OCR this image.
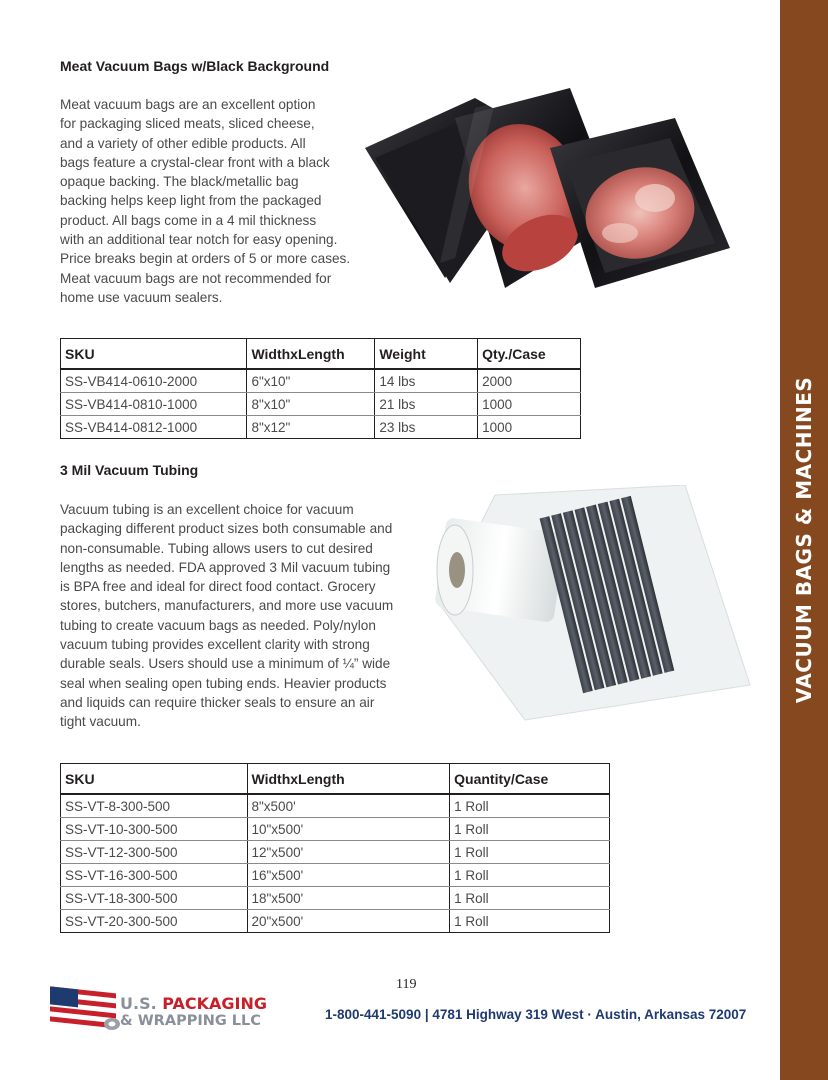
VACUUM BAGS & MACHINES
Meat Vacuum Bags w/Black Background

Meat vacuum bags are an excellent option
for packaging sliced meats, sliced cheese,
and a variety of other edible products. All
bags feature a crystal-clear front with a black
opaque backing. The black/metallic bag
backing helps keep light from the packaged
product. All bags come in a 4 mil thickness
with an additional tear notch for easy opening.
Price breaks begin at orders of 5 or more cases.
Meat vacuum bags are not recommended for
home use vacuum sealers.

SKU	WidthxLength	Weight	Qty./Case
SS-VB414-0610-2000	6"x10"	14 lbs	2000
SS-VB414-0810-1000	8"x10"	21 lbs	1000
SS-VB414-0812-1000	8"x12"	23 lbs	1000
3 Mil Vacuum Tubing

Vacuum tubing is an excellent choice for vacuum
packaging different product sizes both consumable and
non-consumable. Tubing allows users to cut desired
lengths as needed. FDA approved 3 Mil vacuum tubing
is BPA free and ideal for direct food contact. Grocery
stores, butchers, manufacturers, and more use vacuum
tubing to create vacuum bags as needed. Poly/nylon
vacuum tubing provides excellent clarity with strong
durable seals. Users should use a minimum of ¼” wide
seal when sealing open tubing ends. Heavier products
and liquids can require thicker seals to ensure an air
tight vacuum.

SKU	WidthxLength	Quantity/Case
SS-VT-8-300-500	8"x500'	1 Roll
SS-VT-10-300-500	10"x500'	1 Roll
SS-VT-12-300-500	12"x500'	1 Roll
SS-VT-16-300-500	16"x500'	1 Roll
SS-VT-18-300-500	18"x500'	1 Roll
SS-VT-20-300-500	20"x500'	1 Roll
119
U.S. PACKAGING
& WRAPPING LLC	1-800-441-5090 | 4781 Highway 319 West · Austin, Arkansas 72007
